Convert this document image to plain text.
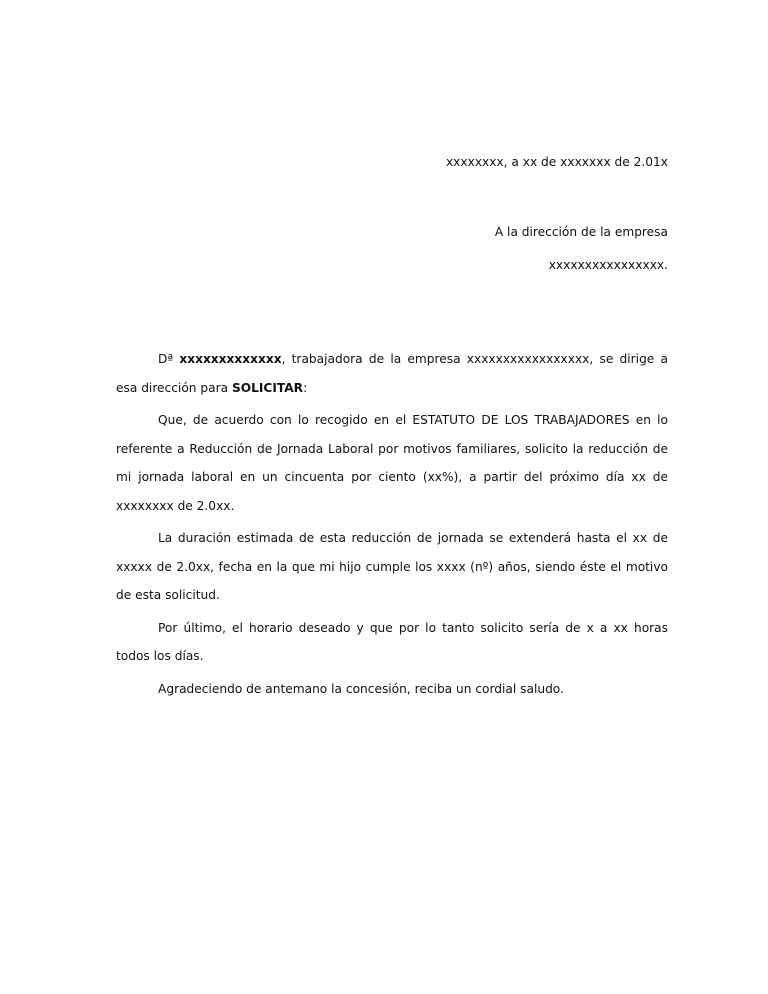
xxxxxxxx, a xx de xxxxxxx de 2.01x
A la dirección de la empresa
xxxxxxxxxxxxxxxx.

Dª xxxxxxxxxxxxx, trabajadora de la empresa xxxxxxxxxxxxxxxxx, se dirige a esa dirección para SOLICITAR:

Que, de acuerdo con lo recogido en el ESTATUTO DE LOS TRABAJADORES en lo referente a Reducción de Jornada Laboral por motivos familiares, solicito la reducción de mi jornada laboral en un cincuenta por ciento (xx%), a partir del próximo día xx de xxxxxxxx de 2.0xx.

La duración estimada de esta reducción de jornada se extenderá hasta el xx de xxxxx de 2.0xx, fecha en la que mi hijo cumple los xxxx (nº) años, siendo éste el motivo de esta solicitud.

Por último, el horario deseado y que por lo tanto solicito sería de x a xx horas todos los días.

Agradeciendo de antemano la concesión, reciba un cordial saludo.
